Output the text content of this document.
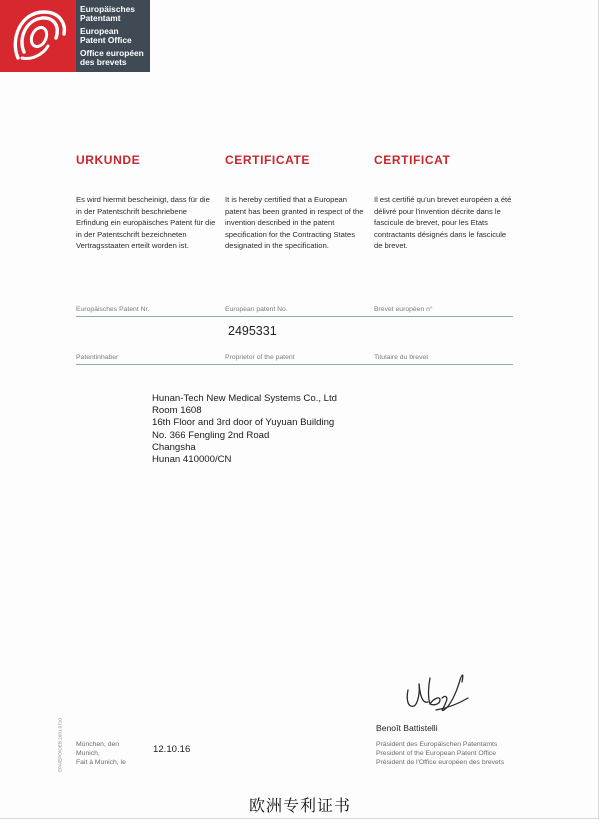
Europäisches
Patentamt
European
Patent Office
Office européen
des brevets
URKUNDE	CERTIFICATE	CERTIFICAT

Es wird hiermit bescheinigt, dass für die in der Patentschrift beschriebene Erfindung ein europäisches Patent für die in der Patentschrift bezeichneten Vertragsstaaten erteilt worden ist.

It is hereby certified that a European patent has been granted in respect of the invention described in the patent specification for the Contracting States designated in the specification.

Il est certifié qu'un brevet européen a été délivré pour l'invention décrite dans le fascicule de brevet, pour les Etats contractants désignés dans le fascicule de brevet.

Europäisches Patent Nr.	European patent No.	Brevet européen n°
2495331
Patentinhaber	Proprietor of the patent	Titulaire du brevet
Hunan-Tech New Medical Systems Co., Ltd
Room 1608
16th Floor and 3rd door of Yuyuan Building
No. 366 Fengling 2nd Road
Changsha
Hunan 410000/CN
EPA/EPO/OEB 2031 0710 München, den
Munich,
Fait à Munich, le
12.10.16
Benoît Battistelli
Präsident des Europäischen Patentamts
President of the European Patent Office
Président de l'Office européen des brevets
欧洲专利证书
